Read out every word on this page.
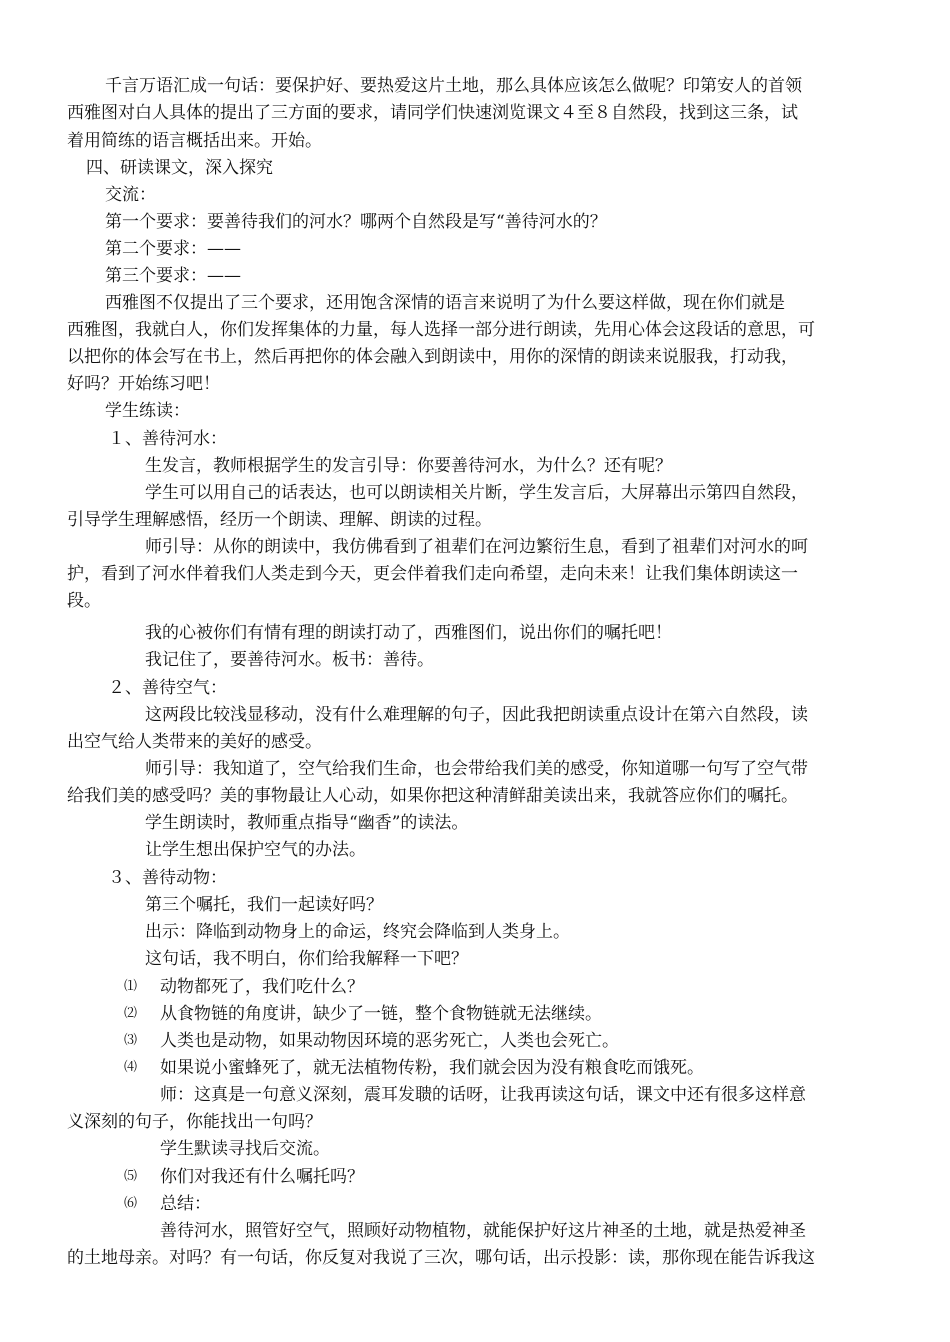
千言万语汇成一句话：要保护好、要热爱这片土地，那么具体应该怎么做呢？印第安人的首领
西雅图对白人具体的提出了三方面的要求，请同学们快速浏览课文４至８自然段，找到这三条，试
着用简练的语言概括出来。开始。
四、研读课文，深入探究
交流：
第一个要求：要善待我们的河水？哪两个自然段是写“善待河水的？
第二个要求：——
第三个要求：——
西雅图不仅提出了三个要求，还用饱含深情的语言来说明了为什么要这样做，现在你们就是
西雅图，我就白人，你们发挥集体的力量，每人选择一部分进行朗读，先用心体会这段话的意思，可
以把你的体会写在书上，然后再把你的体会融入到朗读中，用你的深情的朗读来说服我，打动我，
好吗？开始练习吧！
学生练读：
１、善待河水：
生发言，教师根据学生的发言引导：你要善待河水，为什么？还有呢？
学生可以用自己的话表达，也可以朗读相关片断，学生发言后，大屏幕出示第四自然段，
引导学生理解感悟，经历一个朗读、理解、朗读的过程。
师引导：从你的朗读中，我仿佛看到了祖辈们在河边繁衍生息，看到了祖辈们对河水的呵
护，看到了河水伴着我们人类走到今天，更会伴着我们走向希望，走向未来！让我们集体朗读这一
段。
我的心被你们有情有理的朗读打动了，西雅图们，说出你们的嘱托吧！
我记住了，要善待河水。板书：善待。
２、善待空气：
这两段比较浅显移动，没有什么难理解的句子，因此我把朗读重点设计在第六自然段，读
出空气给人类带来的美好的感受。
师引导：我知道了，空气给我们生命，也会带给我们美的感受，你知道哪一句写了空气带
给我们美的感受吗？美的事物最让人心动，如果你把这种清鲜甜美读出来，我就答应你们的嘱托。
学生朗读时，教师重点指导“幽香”的读法。
让学生想出保护空气的办法。
３、善待动物：
第三个嘱托，我们一起读好吗？
出示：降临到动物身上的命运，终究会降临到人类身上。
这句话，我不明白，你们给我解释一下吧？
⑴ 动物都死了，我们吃什么？
⑵ 从食物链的角度讲，缺少了一链，整个食物链就无法继续。
⑶ 人类也是动物，如果动物因环境的恶劣死亡，人类也会死亡。
⑷ 如果说小蜜蜂死了，就无法植物传粉，我们就会因为没有粮食吃而饿死。
师：这真是一句意义深刻，震耳发聩的话呀，让我再读这句话，课文中还有很多这样意
义深刻的句子，你能找出一句吗？
学生默读寻找后交流。
⑸ 你们对我还有什么嘱托吗？
⑹ 总结：
善待河水，照管好空气，照顾好动物植物，就能保护好这片神圣的土地，就是热爱神圣
的土地母亲。对吗？有一句话，你反复对我说了三次，哪句话，出示投影：读，那你现在能告诉我这
